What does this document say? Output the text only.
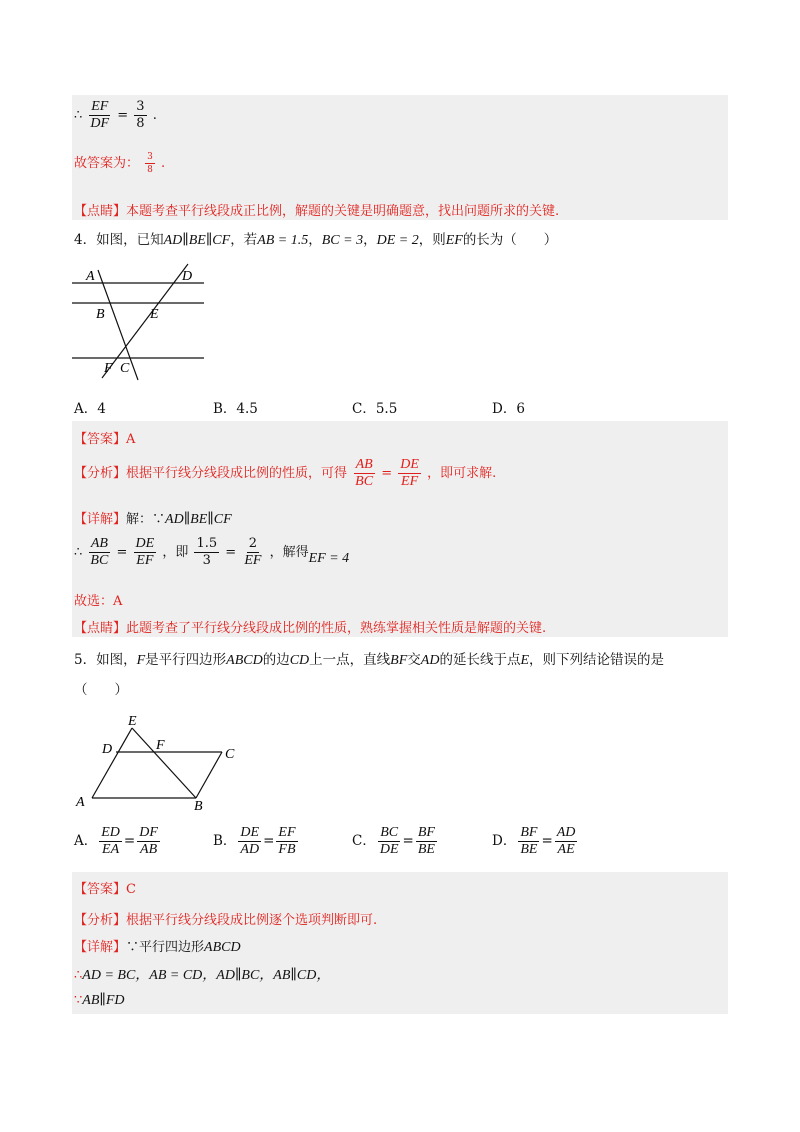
∴ $\frac{EF}{DF} = \frac{3}{8}$ .
故答案为： $\frac{3}{8}$ .
【点睛】本题考查平行线段成正比例，解题的关键是明确题意，找出问题所求的关键.
4．如图，已知AD∥BE∥CF，若AB = 1.5，BC = 3，DE = 2，则EF的长为（　　）
A	D
B	E
F C
A．4	B．4.5	C．5.5	D．6
【答案】A
【分析】根据平行线分线段成比例的性质，可得 $\frac{AB}{BC} = \frac{DE}{EF}$ ，即可求解.
【详解】解：∵AD∥BE∥CF
∴ $\frac{AB}{BC} = \frac{DE}{EF}$ ，即 $\frac{1.5}{3} = \frac{2}{EF}$ ，解得EF = 4
故选：A
【点睛】此题考查了平行线分线段成比例的性质，熟练掌握相关性质是解题的关键.
5．如图，F是平行四边形ABCD的边CD上一点，直线BF交AD的延长线于点E，则下列结论错误的是
（　　）
E
D	F
C
A	B
A． $\frac{ED}{EA} = \frac{DF}{AB}$	B． $\frac{DE}{AD} = \frac{EF}{FB}$	C． $\frac{BC}{DE} = \frac{BF}{BE}$	D． $\frac{BF}{BE} = \frac{AD}{AE}$
【答案】C
【分析】根据平行线分线段成比例逐个选项判断即可.
【详解】∵平行四边形ABCD
∴AD = BC，AB = CD，AD∥BC，AB∥CD，
∵AB∥FD
